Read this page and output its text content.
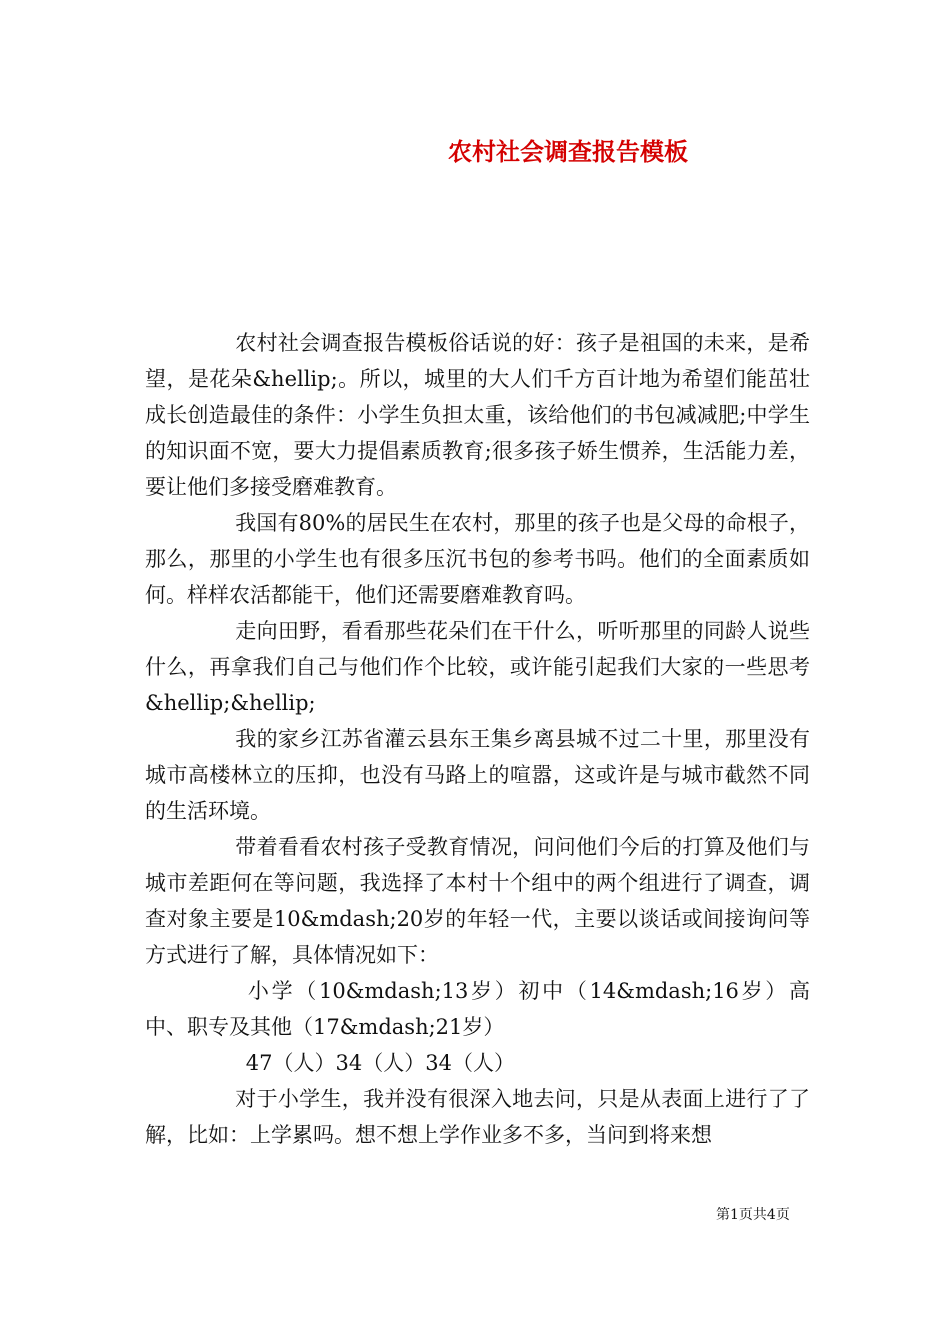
农村社会调查报告模板

农村社会调查报告模板俗话说的好：孩子是祖国的未来，是希望，是花朵&hellip;。所以，城里的大人们千方百计地为希望们能茁壮成长创造最佳的条件：小学生负担太重，该给他们的书包减减肥;中学生的知识面不宽，要大力提倡素质教育;很多孩子娇生惯养，生活能力差，要让他们多接受磨难教育。

我国有80%的居民生在农村，那里的孩子也是父母的命根子，那么，那里的小学生也有很多压沉书包的参考书吗。他们的全面素质如何。样样农活都能干，他们还需要磨难教育吗。

走向田野，看看那些花朵们在干什么，听听那里的同龄人说些什么，再拿我们自己与他们作个比较，或许能引起我们大家的一些思考&hellip;&hellip;

我的家乡江苏省灌云县东王集乡离县城不过二十里，那里没有城市高楼林立的压抑，也没有马路上的喧嚣，这或许是与城市截然不同的生活环境。

带着看看农村孩子受教育情况，问问他们今后的打算及他们与城市差距何在等问题，我选择了本村十个组中的两个组进行了调查，调查对象主要是10&mdash;20岁的年轻一代，主要以谈话或间接询问等方式进行了解，具体情况如下：

小学（10&mdash;13岁）初中（14&mdash;16岁）高中、职专及其他（17&mdash;21岁）

47（人）34（人）34（人）

对于小学生，我并没有很深入地去问，只是从表面上进行了了解，比如：上学累吗。想不想上学作业多不多，当问到将来想

第1页共4页
